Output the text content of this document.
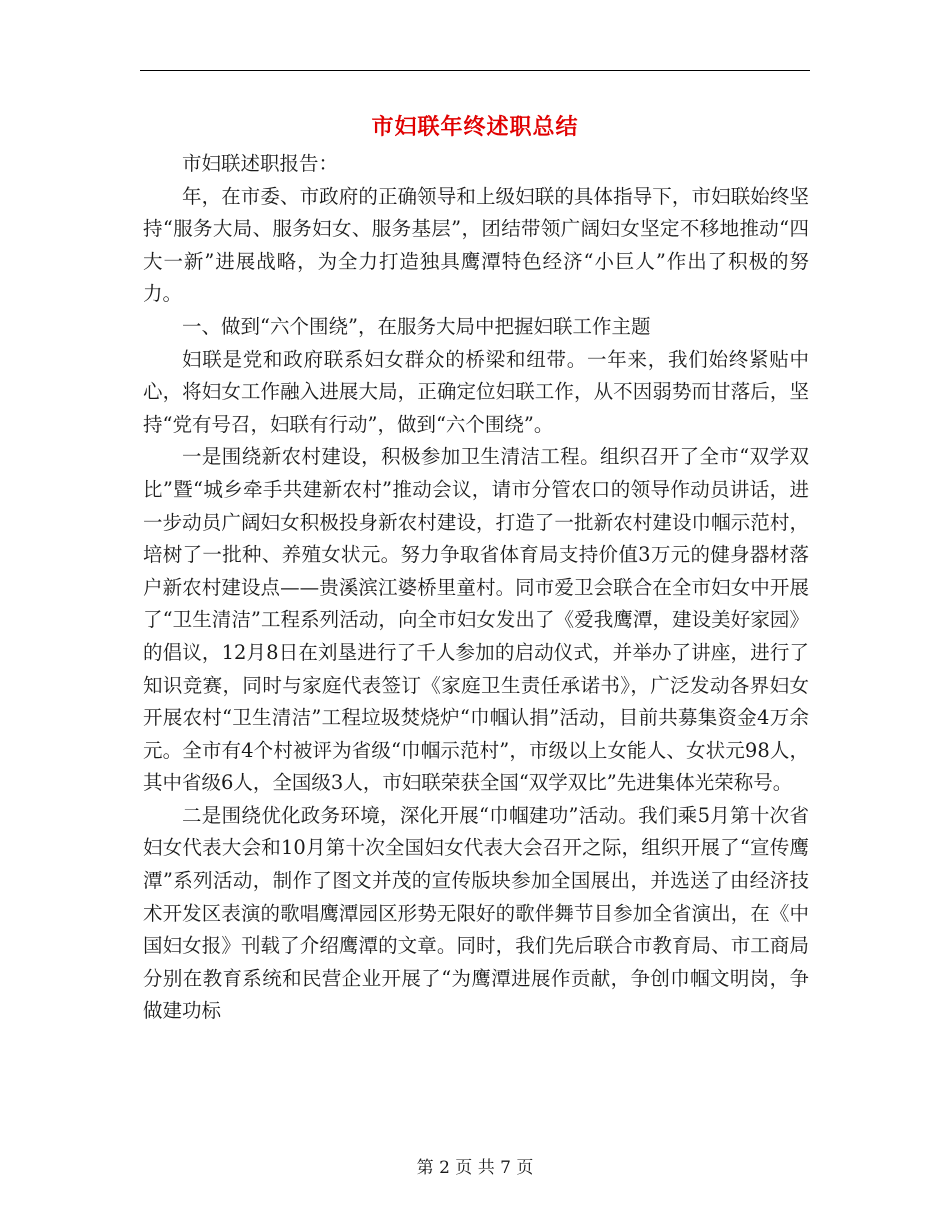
市妇联年终述职总结

市妇联述职报告：

年，在市委、市政府的正确领导和上级妇联的具体指导下，市妇联始终坚持“服务大局、服务妇女、服务基层”，团结带领广阔妇女坚定不移地推动“四大一新”进展战略，为全力打造独具鹰潭特色经济“小巨人”作出了积极的努力。

一、做到“六个围绕”，在服务大局中把握妇联工作主题

妇联是党和政府联系妇女群众的桥梁和纽带。一年来，我们始终紧贴中心，将妇女工作融入进展大局，正确定位妇联工作，从不因弱势而甘落后，坚持“党有号召，妇联有行动”，做到“六个围绕”。

一是围绕新农村建设，积极参加卫生清洁工程。组织召开了全市“双学双比”暨“城乡牵手共建新农村”推动会议，请市分管农口的领导作动员讲话，进一步动员广阔妇女积极投身新农村建设，打造了一批新农村建设巾帼示范村，培树了一批种、养殖女状元。努力争取省体育局支持价值3万元的健身器材落户新农村建设点——贵溪滨江婆桥里童村。同市爱卫会联合在全市妇女中开展了“卫生清洁”工程系列活动，向全市妇女发出了《爱我鹰潭，建设美好家园》的倡议，12月8日在刘垦进行了千人参加的启动仪式，并举办了讲座，进行了知识竞赛，同时与家庭代表签订《家庭卫生责任承诺书》，广泛发动各界妇女开展农村“卫生清洁”工程垃圾焚烧炉“巾帼认捐”活动，目前共募集资金4万余元。全市有4个村被评为省级“巾帼示范村”，市级以上女能人、女状元98人，其中省级6人，全国级3人，市妇联荣获全国“双学双比”先进集体光荣称号。

二是围绕优化政务环境，深化开展“巾帼建功”活动。我们乘5月第十次省妇女代表大会和10月第十次全国妇女代表大会召开之际，组织开展了“宣传鹰潭”系列活动，制作了图文并茂的宣传版块参加全国展出，并选送了由经济技术开发区表演的歌唱鹰潭园区形势无限好的歌伴舞节目参加全省演出，在《中国妇女报》刊载了介绍鹰潭的文章。同时，我们先后联合市教育局、市工商局分别在教育系统和民营企业开展了“为鹰潭进展作贡献，争创巾帼文明岗，争做建功标

第 2 页 共 7 页
